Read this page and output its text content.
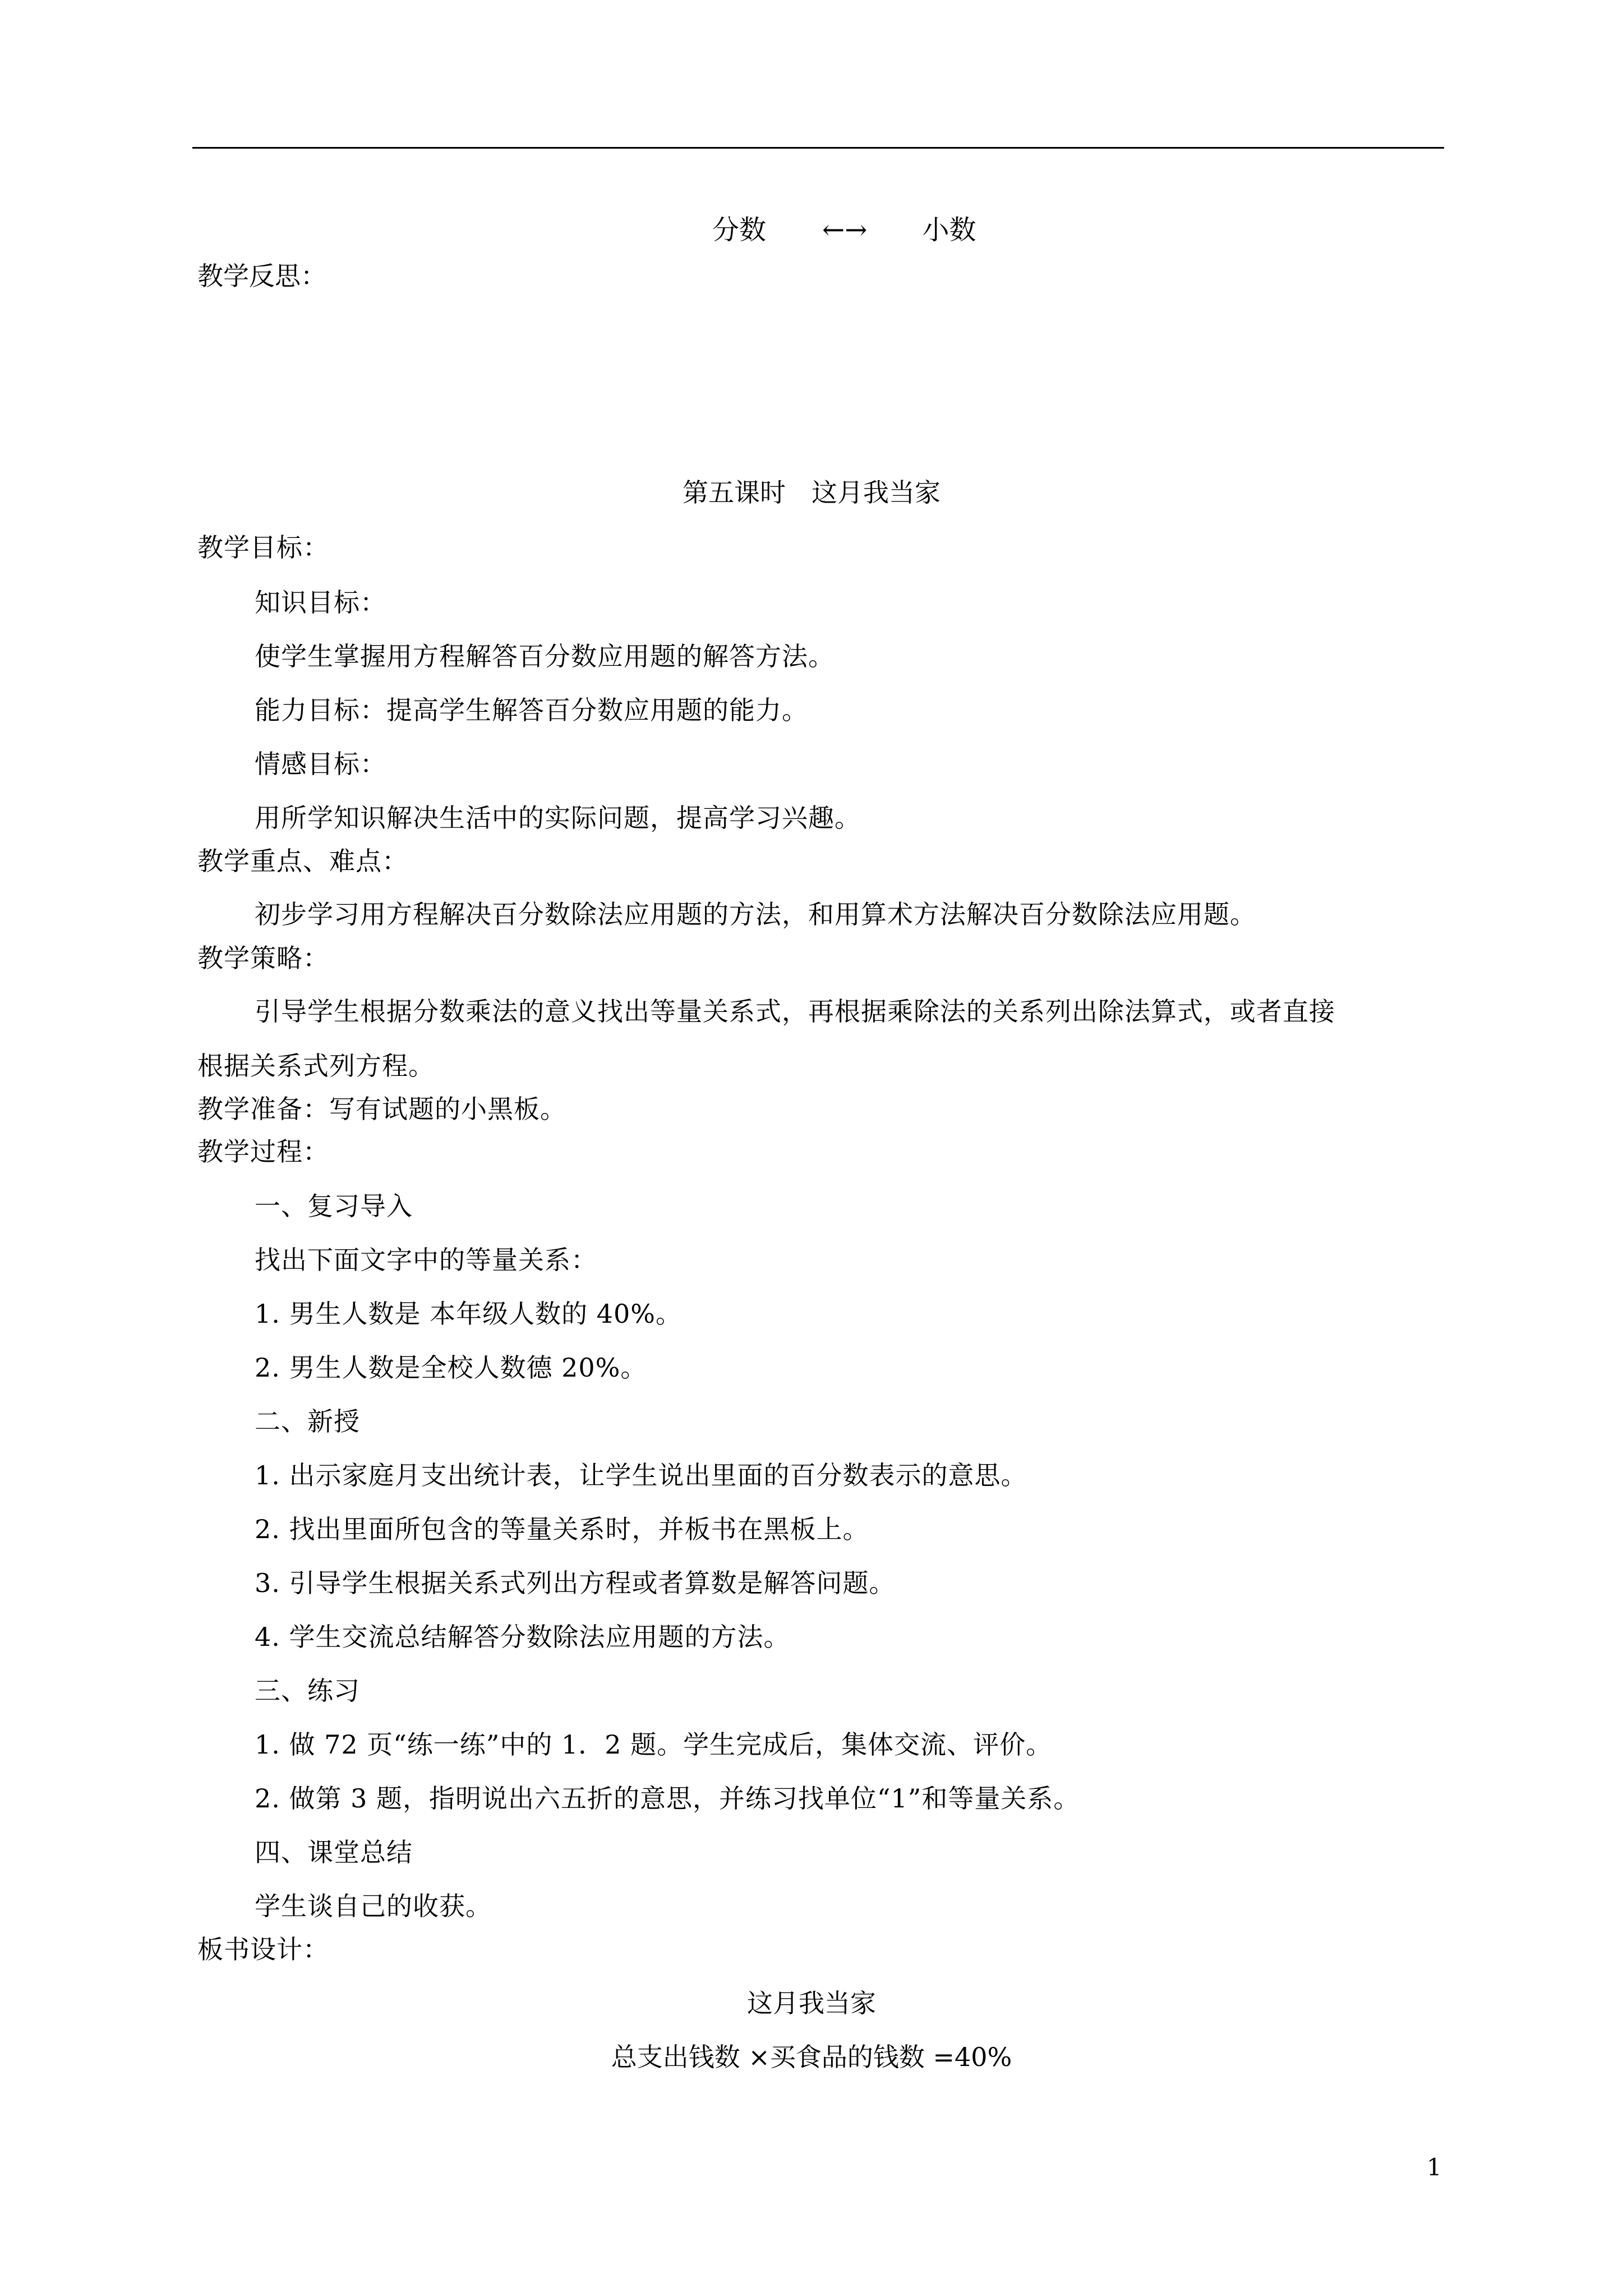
分数 ←→ 小数
教学反思：
第五课时　这月我当家
教学目标：
知识目标：
使学生掌握用方程解答百分数应用题的解答方法。
能力目标：提高学生解答百分数应用题的能力。
情感目标：
用所学知识解决生活中的实际问题，提高学习兴趣。
教学重点、难点：
初步学习用方程解决百分数除法应用题的方法，和用算术方法解决百分数除法应用题。
教学策略：
引导学生根据分数乘法的意义找出等量关系式，再根据乘除法的关系列出除法算式，或者直接
根据关系式列方程。
教学准备：写有试题的小黑板。
教学过程：
一、复习导入
找出下面文字中的等量关系：
1. 男生人数是 本年级人数的 40%。
2. 男生人数是全校人数德 20%。
二、新授
1. 出示家庭月支出统计表，让学生说出里面的百分数表示的意思。
2. 找出里面所包含的等量关系时，并板书在黑板上。
3. 引导学生根据关系式列出方程或者算数是解答问题。
4. 学生交流总结解答分数除法应用题的方法。
三、练习
1. 做 72 页“练一练”中的 1．2 题。学生完成后，集体交流、评价。
2. 做第 3 题，指明说出六五折的意思，并练习找单位“1”和等量关系。
四、课堂总结
学生谈自己的收获。
板书设计：
这月我当家
总支出钱数 ×买食品的钱数 =40%
1
